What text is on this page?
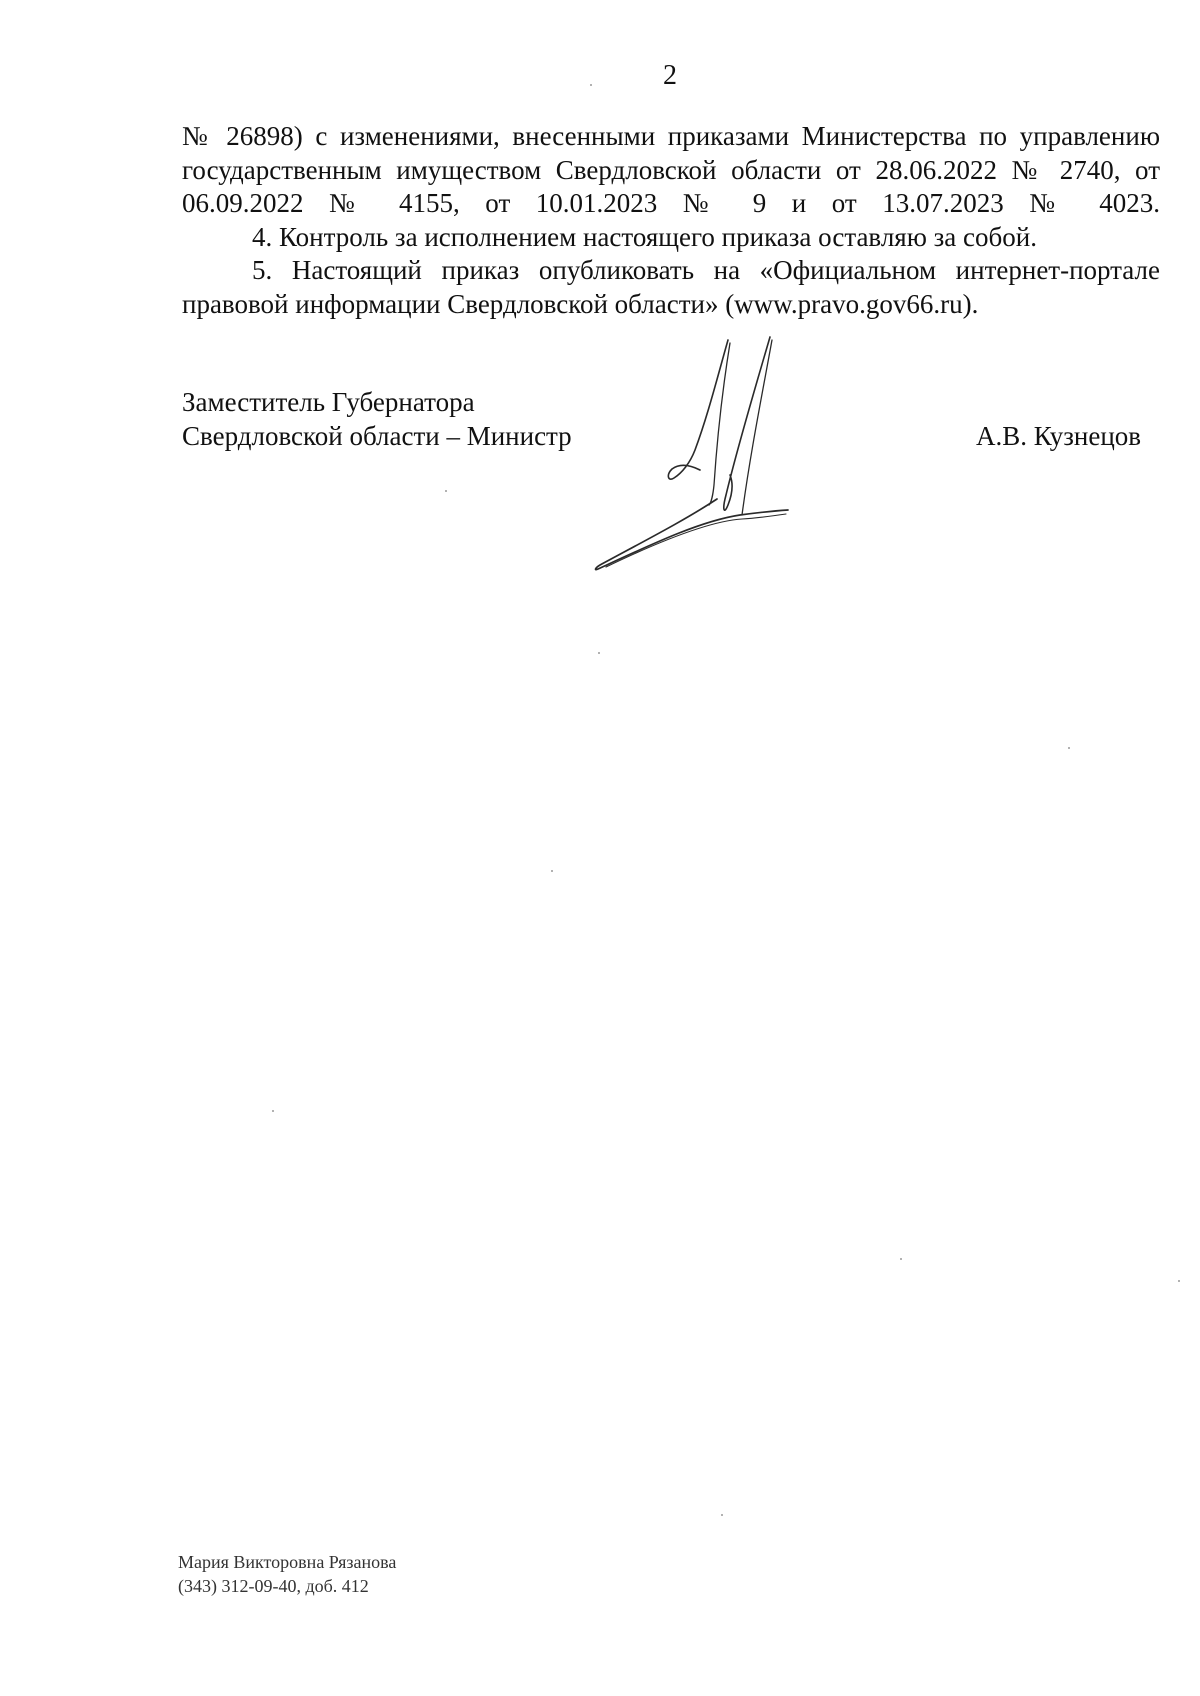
2

№ 26898) с изменениями, внесенными приказами Министерства по управлению государственным имуществом Свердловской области от 28.06.2022 № 2740, от 06.09.2022 № 4155, от 10.01.2023 № 9 и от 13.07.2023 № 4023.

4. Контроль за исполнением настоящего приказа оставляю за собой.

5. Настоящий приказ опубликовать на «Официальном интернет-портале правовой информации Свердловской области» (www.pravo.gov66.ru).

Заместитель Губернатора
Свердловской области – Министр	А.В. Кузнецов
Мария Викторовна Рязанова
(343) 312-09-40, доб. 412
